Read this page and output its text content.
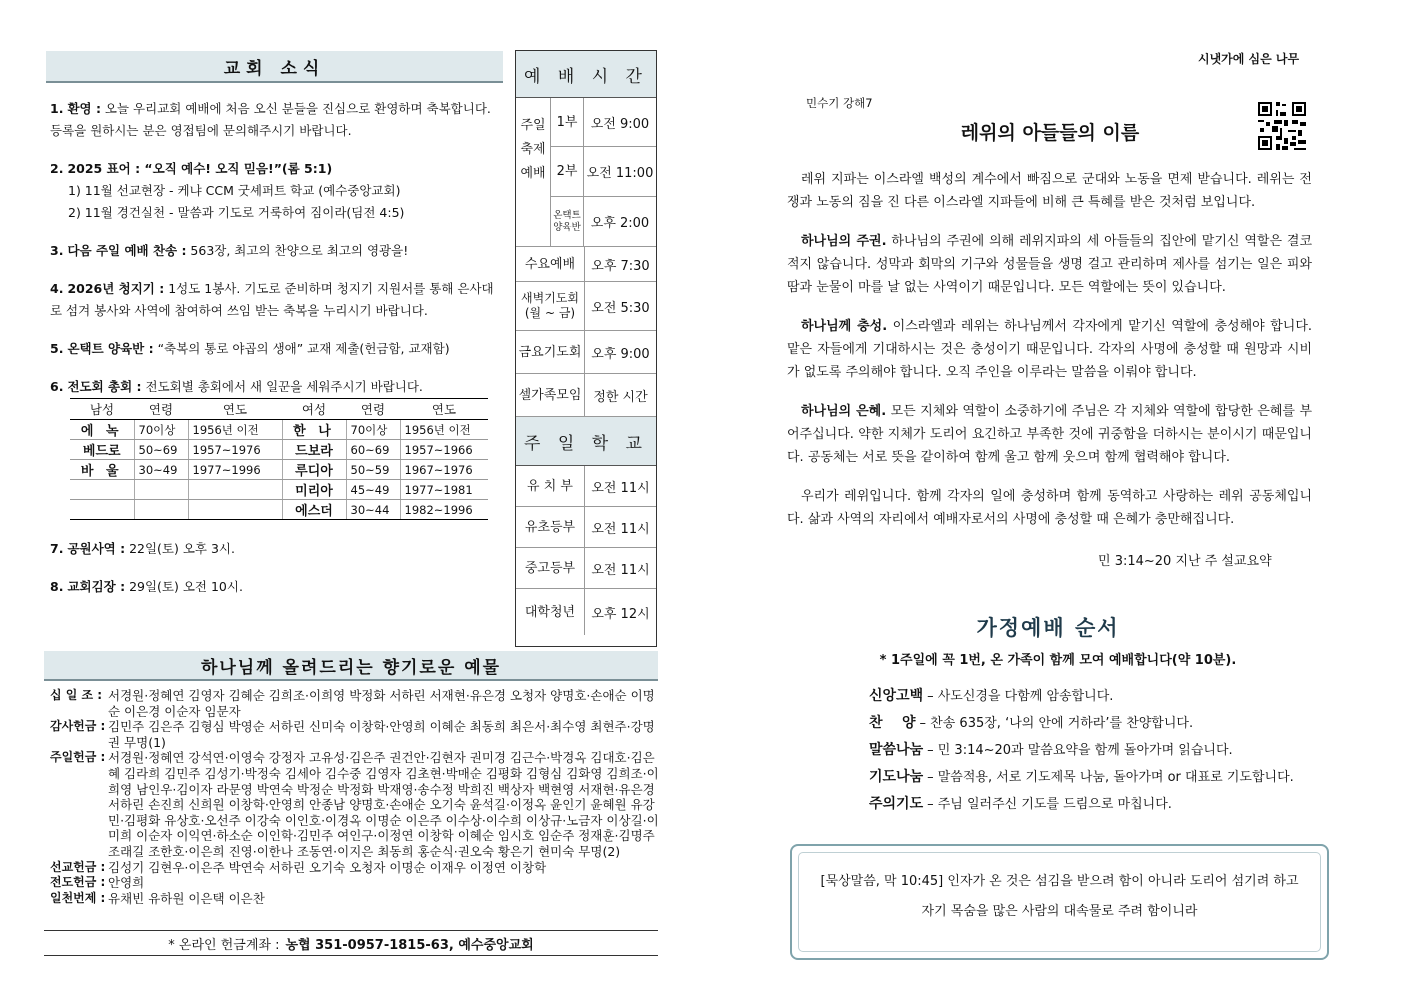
교회 소식
1. 환영 : 오늘 우리교회 예배에 처음 오신 분들을 진심으로 환영하며 축복합니다. 등록을 원하시는 분은 영접팀에 문의해주시기 바랍니다.
2. 2025 표어 : “오직 예수! 오직 믿음!”(롬 5:1)
1) 11월 선교현장 - 케냐 CCM 굿셰퍼트 학교 (예수중앙교회)
2) 11월 경건실천 - 말씀과 기도로 거룩하여 짐이라(딤전 4:5)
3. 다음 주일 예배 찬송 : 563장, 최고의 찬양으로 최고의 영광을!
4. 2026년 청지기 : 1성도 1봉사. 기도로 준비하며 청지기 지원서를 통해 은사대로 섬겨 봉사와 사역에 참여하여 쓰임 받는 축복을 누리시기 바랍니다.
5. 온택트 양육반 : “축복의 통로 야곱의 생애” 교재 제출(헌금함, 교재함)
6. 전도회 총회 : 전도회별 총회에서 새 일꾼을 세워주시기 바랍니다.
남성	연령	연도	여성	연령	연도
에 녹	70이상	1956년 이전	한 나	70이상	1956년 이전
베드로	50~69	1957~1976	드보라	60~69	1957~1966
바 울	30~49	1977~1996	루디아	50~59	1967~1976
			미리아	45~49	1977~1981
			에스더	30~44	1982~1996
7. 공원사역 : 22일(토) 오후 3시.
8. 교회김장 : 29일(토) 오전 10시.
예 배 시 간
주일 축제 예배
1부	오전 9:00
2부 오전 11:00
온택트 양육반 오후 2:00
수요예배	오후 7:30
새벽기도회 (월 ~ 금)	오전 5:30
금요기도회 오후 9:00
셀가족모임 정한 시간
주 일 학 교
유 치 부	오전 11시
유초등부	오전 11시
중고등부	오전 11시
대학청년	오후 12시
하나님께 올려드리는 향기로운 예물
십 일 조 : 서경원·정혜연 김영자 김혜순 김희조·이희영 박정화 서하린 서재현·유은경 오청자 양명호·손애순 이명순 이은경 이순자 임문자
감사헌금 : 김민주 김은주 김형심 박영순 서하린 신미숙 이창학·안영희 이혜순 최동희 최은서·최수영 최현주·강명권 무명(1)
주일헌금 : 서경원·정혜연 강석연·이영숙 강정자 고유성·김은주 권건안·김현자 권미경 김근수·박경옥 김대호·김은혜 김라희 김민주 김성기·박정숙 김세아 김수중 김영자 김초현·박매순 김평화 김형심 김화영 김희조·이희영 남인우·김이자 라문영 박연숙 박정순 박정화 박재영·송수정 박희진 백상자 백현영 서재현·유은경 서하린 손진희 신희원 이창학·안영희 안종남 양명호·손애순 오기숙 윤석길·이정옥 윤인기 윤혜원 유강민·김평화 유상호·오선주 이강숙 이인호·이경옥 이명순 이은주 이수상·이수희 이상규·노금자 이상길·이미희 이순자 이익연·하소순 이인학·김민주 여인구·이정연 이창학 이혜순 임시호 임순주 정재훈·김명주 조래길 조한호·이은희 진영·이한나 조동연·이지은 최동희 홍순식·권오숙 황은기 현미숙 무명(2)
선교헌금 : 김성기 김현우·이은주 박연숙 서하린 오기숙 오청자 이명순 이재우 이정연 이창학
전도헌금 : 안영희
일천번제 : 유채빈 유하원 이은택 이은찬
* 온라인 헌금계좌 : 농협 351-0957-1815-63, 예수중앙교회
시냇가에 심은 나무
민수기 강해7
레위의 아들들의 이름

레위 지파는 이스라엘 백성의 계수에서 빠짐으로 군대와 노동을 면제 받습니다. 레위는 전쟁과 노동의 짐을 진 다른 이스라엘 지파들에 비해 큰 특혜를 받은 것처럼 보입니다.

하나님의 주권. 하나님의 주권에 의해 레위지파의 세 아들들의 집안에 맡기신 역할은 결코 적지 않습니다. 성막과 회막의 기구와 성물들을 생명 걸고 관리하며 제사를 섬기는 일은 피와 땀과 눈물이 마를 날 없는 사역이기 때문입니다. 모든 역할에는 뜻이 있습니다.

하나님께 충성. 이스라엘과 레위는 하나님께서 각자에게 맡기신 역할에 충성해야 합니다. 맡은 자들에게 기대하시는 것은 충성이기 때문입니다. 각자의 사명에 충성할 때 원망과 시비가 없도록 주의해야 합니다. 오직 주인을 이루라는 말씀을 이뤄야 합니다.

하나님의 은혜. 모든 지체와 역할이 소중하기에 주님은 각 지체와 역할에 합당한 은혜를 부어주십니다. 약한 지체가 도리어 요긴하고 부족한 것에 귀중함을 더하시는 분이시기 때문입니다. 공동체는 서로 뜻을 같이하여 함께 울고 함께 웃으며 함께 협력해야 합니다.

우리가 레위입니다. 함께 각자의 일에 충성하며 함께 동역하고 사랑하는 레위 공동체입니다. 삶과 사역의 자리에서 예배자로서의 사명에 충성할 때 은혜가 충만해집니다.

민 3:14~20 지난 주 설교요약
가정예배 순서
* 1주일에 꼭 1번, 온 가족이 함께 모여 예배합니다(약 10분).
신앙고백 – 사도신경을 다함께 암송합니다.
찬    양 – 찬송 635장, ‘나의 안에 거하라’를 찬양합니다.
말씀나눔 – 민 3:14~20과 말씀요약을 함께 돌아가며 읽습니다.
기도나눔 – 말씀적용, 서로 기도제목 나눔, 돌아가며 or 대표로 기도합니다.
주의기도 – 주님 일러주신 기도를 드림으로 마칩니다.
[묵상말씀, 막 10:45] 인자가 온 것은 섬김을 받으려 함이 아니라 도리어 섬기려 하고
자기 목숨을 많은 사람의 대속물로 주려 함이니라
